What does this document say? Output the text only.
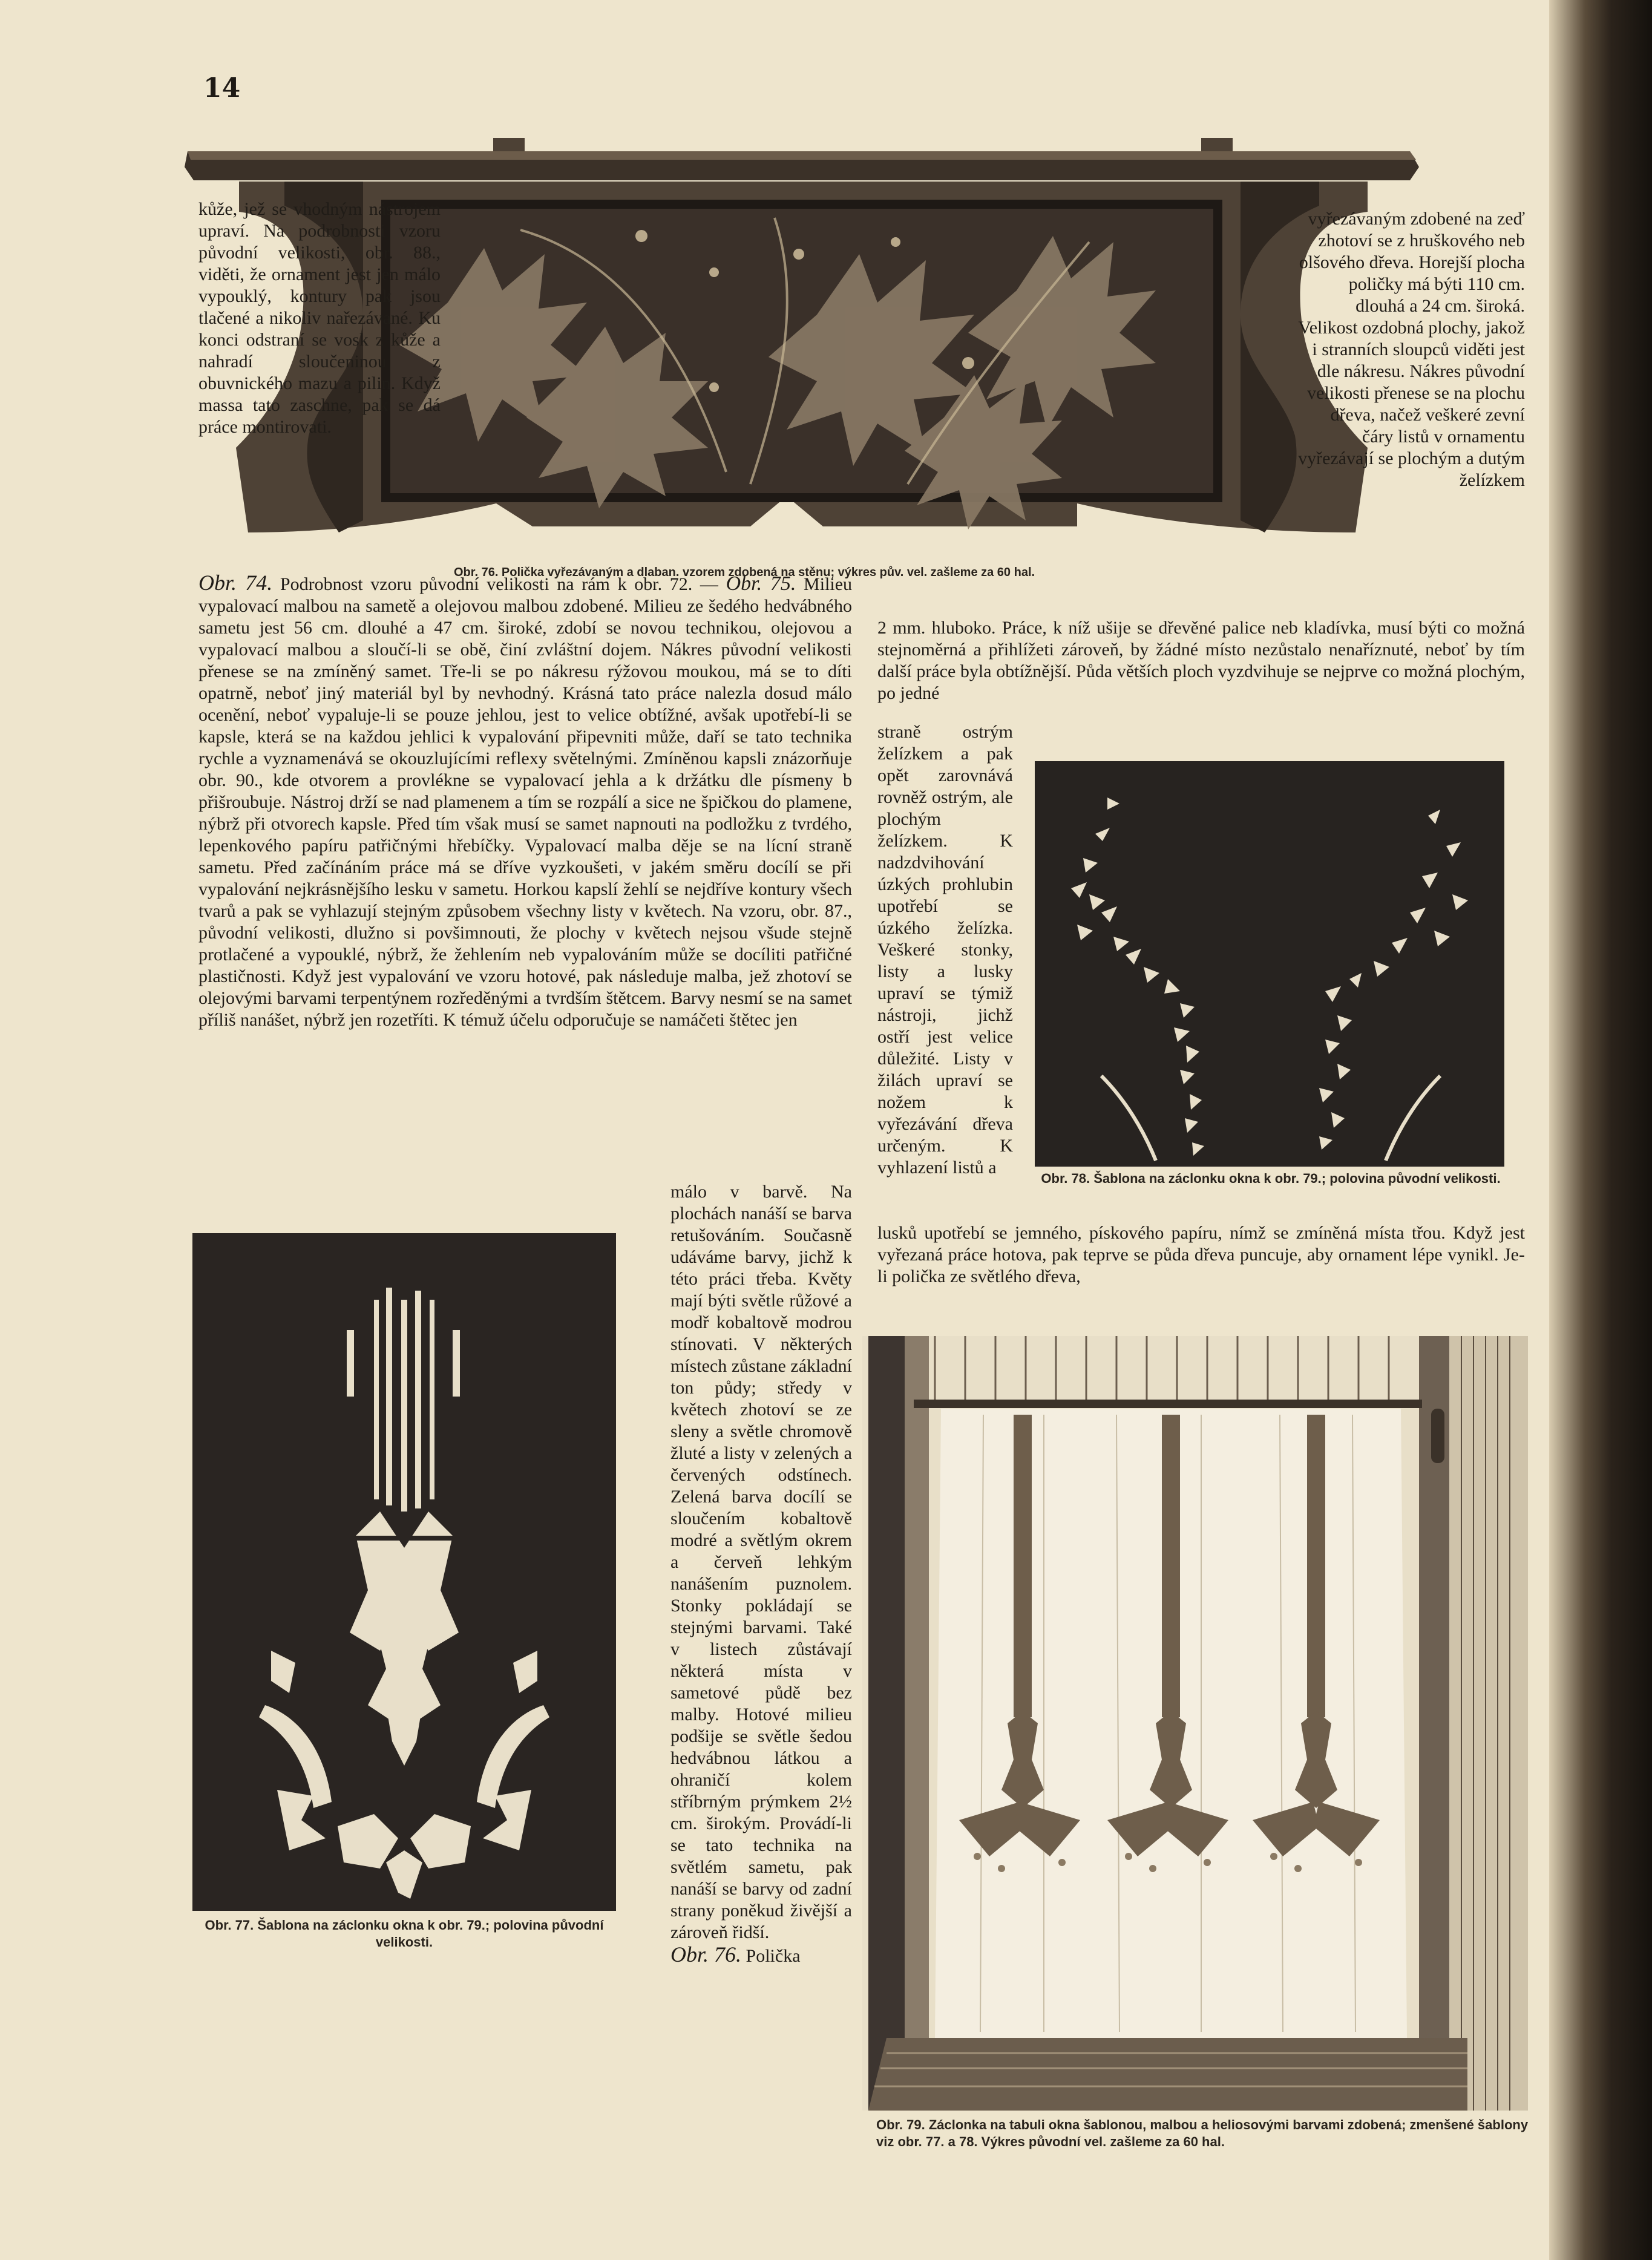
14

kůže, jež se vhodným nástrojem upraví. Na podrobnosti vzoru původní velikosti, obr. 88., viděti, že ornament jest jen málo vypouklý, kontury pak jsou tlačené a nikoliv nařezávané. Ku konci odstraní se vosk z kůže a nahradí sloučeninou z obuvnického mazu a pilin. Když massa tato zaschne, pak se dá práce montirovati.

Obr. 76. Polička vyřezávaným a dlaban. vzorem zdobená na stěnu; výkres pův. vel. zašleme za 60 hal.

vyřezávaným zdobené na zeď zhotoví se z hruškového neb olšového dřeva. Horejší plocha poličky má býti 110 cm. dlouhá a 24 cm. široká. Velikost ozdobná plochy, jakož i stranních sloupců viděti jest dle nákresu. Nákres původní velikosti přenese se na plochu dřeva, načež veškeré zevní čáry listů v ornamentu vyřezávají se plochým a dutým želízkem

Obr. 74. Podrobnost vzoru původní velikosti na rám k obr. 72. — Obr. 75. Milieu vypalovací malbou na sametě a olejovou malbou zdobené. Milieu ze šedého hedvábného sametu jest 56 cm. dlouhé a 47 cm. široké, zdobí se novou technikou, olejovou a vypalovací malbou a sloučí-li se obě, činí zvláštní dojem. Nákres původní velikosti přenese se na zmíněný samet. Tře-li se po nákresu rýžovou moukou, má se to díti opatrně, neboť jiný materiál byl by nevhodný. Krásná tato práce nalezla dosud málo ocenění, neboť vypaluje-li se pouze jehlou, jest to velice obtížné, avšak upotřebí-li se kapsle, která se na každou jehlici k vypalování připevniti může, daří se tato technika rychle a vyznamenává se okouzlujícími reflexy světelnými. Zmíněnou kapsli znázorňuje obr. 90., kde otvorem a provlékne se vypalovací jehla a k držátku dle písmeny b přišroubuje. Nástroj drží se nad plamenem a tím se rozpálí a sice ne špičkou do plamene, nýbrž při otvorech kapsle. Před tím však musí se samet napnouti na podložku z tvrdého, lepenkového papíru patřičnými hřebíčky. Vypalovací malba děje se na lícní straně sametu. Před začínáním práce má se dříve vyzkoušeti, v jakém směru docílí se při vypalování nejkrásnějšího lesku v sametu. Horkou kapslí žehlí se nejdříve kontury všech tvarů a pak se vyhlazují stejným způsobem všechny listy v květech. Na vzoru, obr. 87., původní velikosti, dlužno si povšimnouti, že plochy v květech nejsou všude stejně protlačené a vypouklé, nýbrž, že žehlením neb vypalováním může se docíliti patřičné plastičnosti. Když jest vypalování ve vzoru hotové, pak následuje malba, jež zhotoví se olejovými barvami terpentýnem rozředěnými a tvrdším štětcem. Barvy nesmí se na samet příliš nanášet, nýbrž jen rozetříti. K témuž účelu odporučuje se namáčeti štětec jen

2 mm. hluboko. Práce, k níž ušije se dřevěné palice neb kladívka, musí býti co možná stejnoměrná a přihlížeti zároveň, by žádné místo nezůstalo nenaříznuté, neboť by tím další práce byla obtížnější. Půda větších ploch vyzdvihuje se nejprve co možná plochým, po jedné

straně ostrým želízkem a pak opět zarovnává rovněž ostrým, ale plochým želízkem. K nadzdvihování úzkých prohlubin upotřebí se úzkého želízka. Veškeré stonky, listy a lusky upraví se týmiž nástroji, jichž ostří jest velice důležité. Listy v žilách upraví se nožem k vyřezávání dřeva určeným. K vyhlazení listů a

Obr. 78. Šablona na záclonku okna k obr. 79.; polovina původní velikosti.

lusků upotřebí se jemného, pískového papíru, nímž se zmíněná místa třou. Když jest vyřezaná práce hotova, pak teprve se půda dřeva puncuje, aby ornament lépe vynikl. Je-li polička ze světlého dřeva,

Obr. 77. Šablona na záclonku okna k obr. 79.; polovina původní velikosti.

málo v barvě. Na plochách nanáší se barva retušováním. Současně udáváme barvy, jichž k této práci třeba. Květy mají býti světle růžové a modř kobaltově modrou stínovati. V některých místech zůstane základní ton půdy; středy v květech zhotoví se ze sleny a světle chromově žluté a listy v zelených a červených odstínech. Zelená barva docílí se sloučením kobaltově modré a světlým okrem a červeň lehkým nanášením puznolem. Stonky pokládají se stejnými barvami. Také v listech zůstávají některá místa v sametové půdě bez malby. Hotové milieu podšije se světle šedou hedvábnou látkou a ohraničí kolem stříbrným prýmkem 2½ cm. širokým. Provádí-li se tato technika na světlém sametu, pak nanáší se barvy od zadní strany poněkud živější a zároveň řidší.

Obr. 76. Polička

Obr. 79. Záclonka na tabuli okna šablonou, malbou a heliosovými barvami zdobená; zmenšené šablony viz obr. 77. a 78. Výkres původní vel. zašleme za 60 hal.
